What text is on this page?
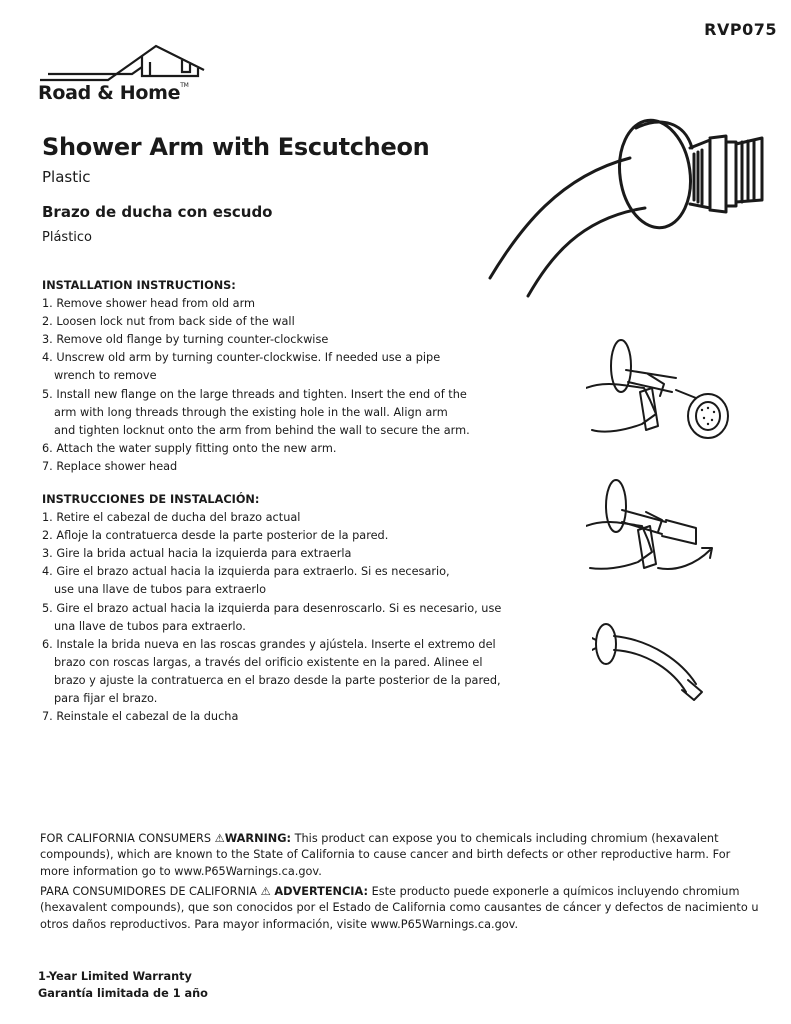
RVP075
Road & Home™
Shower Arm with Escutcheon
Plastic
Brazo de ducha con escudo
Plástico
INSTALLATION INSTRUCTIONS:
1. Remove shower head from old arm
2. Loosen lock nut from back side of the wall
3. Remove old flange by turning counter-clockwise
4. Unscrew old arm by turning counter-clockwise. If needed use a pipe
wrench to remove
5. Install new flange on the large threads and tighten. Insert the end of the
arm with long threads through the existing hole in the wall. Align arm
and tighten locknut onto the arm from behind the wall to secure the arm.
6. Attach the water supply fitting onto the new arm.
7. Replace shower head
INSTRUCCIONES DE INSTALACIÓN:
1. Retire el cabezal de ducha del brazo actual
2. Afloje la contratuerca desde la parte posterior de la pared.
3. Gire la brida actual hacia la izquierda para extraerla
4. Gire el brazo actual hacia la izquierda para extraerlo. Si es necesario,
use una llave de tubos para extraerlo
5. Gire el brazo actual hacia la izquierda para desenroscarlo. Si es necesario, use
una llave de tubos para extraerlo.
6. Instale la brida nueva en las roscas grandes y ajústela. Inserte el extremo del
brazo con roscas largas, a través del orificio existente en la pared. Alinee el
brazo y ajuste la contratuerca en el brazo desde la parte posterior de la pared,
para fijar el brazo.
7. Reinstale el cabezal de la ducha
FOR CALIFORNIA CONSUMERS ⚠WARNING: This product can expose you to chemicals including chromium (hexavalent compounds), which are known to the State of California to cause cancer and birth defects or other reproductive harm. For more information go to www.P65Warnings.ca.gov.
PARA CONSUMIDORES DE CALIFORNIA ⚠ ADVERTENCIA: Este producto puede exponerle a químicos incluyendo chromium (hexavalent compounds), que son conocidos por el Estado de California como causantes de cáncer y defectos de nacimiento u otros daños reproductivos. Para mayor información, visite www.P65Warnings.ca.gov.
1-Year Limited Warranty
Garantía limitada de 1 año
